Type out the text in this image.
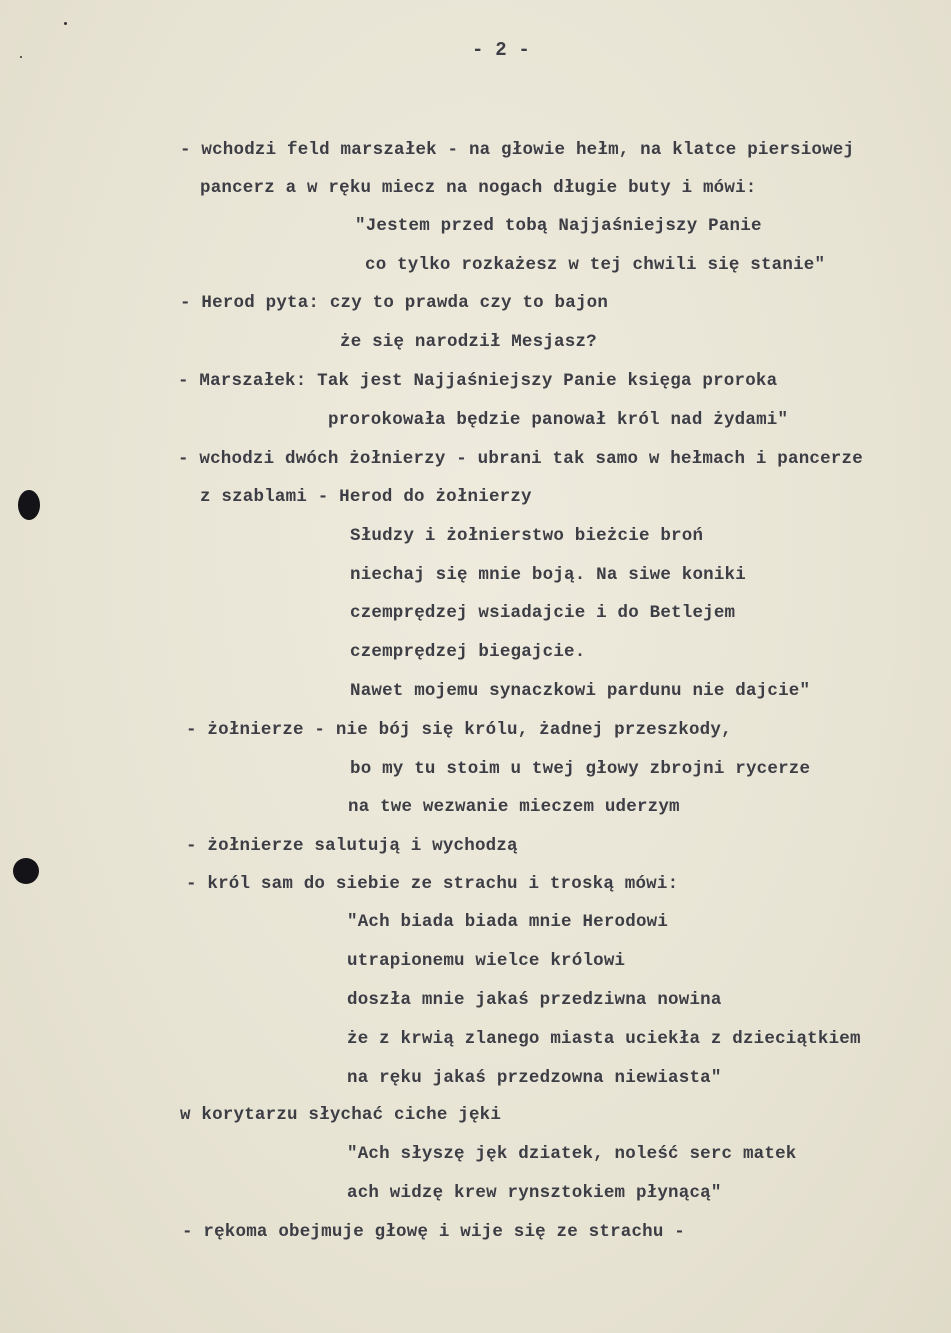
- 2 -
- wchodzi feld marszałek - na głowie hełm, na klatce piersiowej
pancerz a w ręku miecz na nogach długie buty i mówi:
"Jestem przed tobą Najjaśniejszy Panie
co tylko rozkażesz w tej chwili się stanie"
- Herod pyta: czy to prawda czy to bajon
że się narodził Mesjasz?
- Marszałek: Tak jest Najjaśniejszy Panie księga proroka
prorokowała będzie panował król nad żydami"
- wchodzi dwóch żołnierzy - ubrani tak samo w hełmach i pancerze
z szablami - Herod do żołnierzy
Słudzy i żołnierstwo bieżcie broń
niechaj się mnie boją. Na siwe koniki
czemprędzej wsiadajcie i do Betlejem
czemprędzej biegajcie.
Nawet mojemu synaczkowi pardunu nie dajcie"
- żołnierze - nie bój się królu, żadnej przeszkody,
bo my tu stoim u twej głowy zbrojni rycerze
na twe wezwanie mieczem uderzym
- żołnierze salutują i wychodzą
- król sam do siebie ze strachu i troską mówi:
"Ach biada biada mnie Herodowi
utrapionemu wielce królowi
doszła mnie jakaś przedziwna nowina
że z krwią zlanego miasta uciekła z dzieciątkiem
na ręku jakaś przedzowna niewiasta"
w korytarzu słychać ciche jęki
"Ach słyszę jęk dziatek, noleść serc matek
ach widzę krew rynsztokiem płynącą"
- rękoma obejmuje głowę i wije się ze strachu -
